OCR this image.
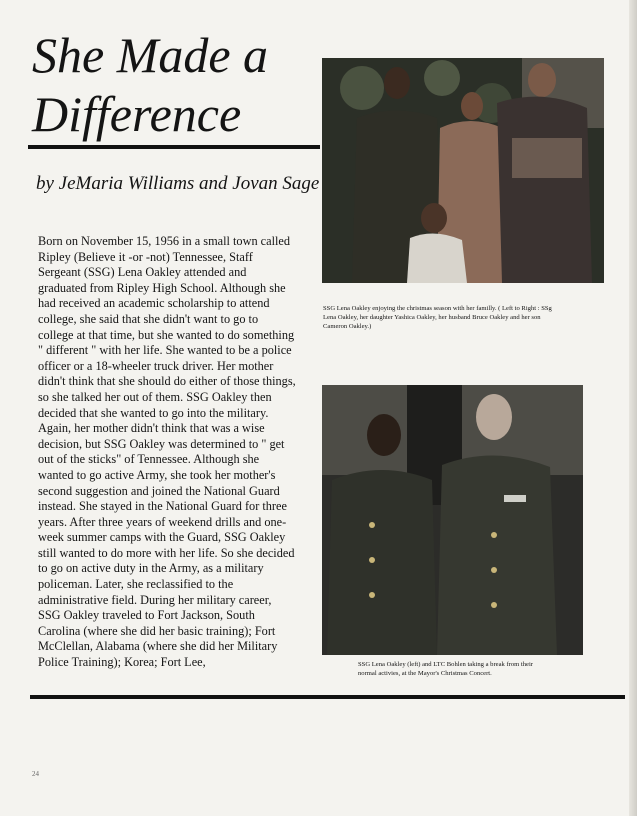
She Made a
Difference
by JeMaria Williams and Jovan Sage
Born on November 15, 1956 in a small town called Ripley (Believe it -or -not) Tennessee, Staff Sergeant (SSG) Lena Oakley attended and graduated from Ripley High School. Although she had received an academic scholarship to attend college, she said that she didn't want to go to college at that time, but she wanted to do something " different " with her life. She wanted to be a police officer or a 18-wheeler truck driver. Her mother didn't think that she should do either of those things, so she talked her out of them. SSG Oakley then decided that she wanted to go into the military. Again, her mother didn't think that was a wise decision, but SSG Oakley was determined to " get out of the sticks" of Tennessee. Although she wanted to go active Army, she took her mother's second suggestion and joined the National Guard instead. She stayed in the National Guard for three years. After three years of weekend drills and one-week summer camps with the Guard, SSG Oakley still wanted to do more with her life. So she decided to go on active duty in the Army, as a military policeman. Later, she reclassified to the administrative field. During her military career, SSG Oakley traveled to Fort Jackson, South Carolina (where she did her basic training); Fort McClellan, Alabama (where she did her Military Police Training); Korea; Fort Lee,
SSG Lena Oakley enjoying the christmas season with her familly. ( Left to Right : SSg Lena Oakley, her daughter Yashica Oakley, her husband Bruce Oakley and her son Cameron Oakley.)
SSG Lena Oakley (left) and LTC Bohlen taking a break from their normal activies, at the Mayor's Christmas Concert.
24
